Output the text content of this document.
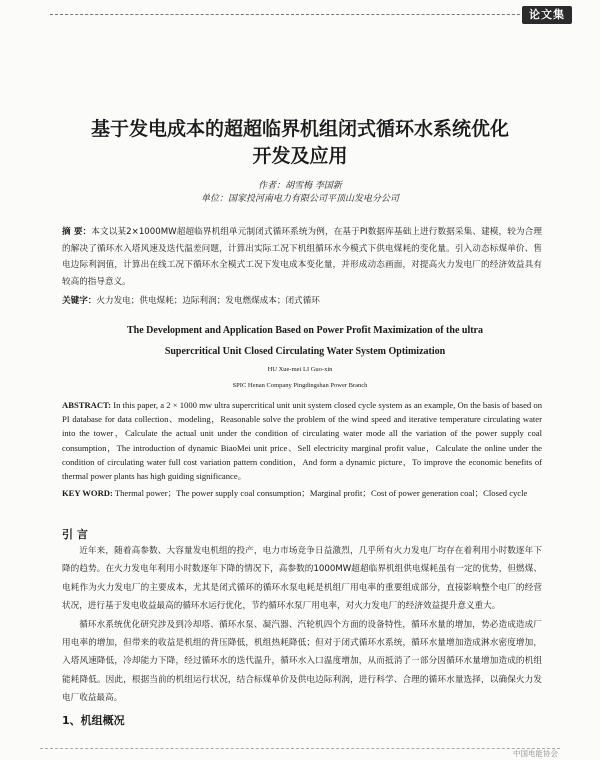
论文集
基于发电成本的超超临界机组闭式循环水系统优化
开发及应用
作者：胡雪梅 李国新
单位：国家投河南电力有限公司平顶山发电分公司
摘 要：本文以某2×1000MW超超临界机组单元制闭式循环系统为例，在基于PI数据库基础上进行数据采集、建模，较为合理的解决了循环水入塔风速及迭代温差问题，计算出实际工况下机组循环水今模式下供电煤耗的变化量。引入动态标煤单价、售电边际利润值，计算出在线工况下循环水全模式工况下发电成本变化量，并形成动态画面，对提高火力发电厂的经济效益具有较高的指导意义。
关键字：火力发电；供电煤耗；边际利润；发电燃煤成本；闭式循环
The Development and Application Based on Power Profit Maximization of the ultra
Supercritical Unit Closed Circulating Water System Optimization
HU Xue-mei LI Guo-xin
SPIC Henan Company Pingdingshan Power Branch
ABSTRACT: In this paper, a 2 × 1000 mw ultra supercritical unit unit system closed cycle system as an example, On the basis of based on PI database for data collection、modeling，Reasonable solve the problem of the wind speed and iterative temperature circulating water into the tower，Calculate the actual unit under the condition of circulating water mode all the variation of the power supply coal consumption，The introduction of dynamic BiaoMei unit price、Sell electricity marginal profit value，Calculate the online under the condition of circulating water full cost variation pattern condition，And form a dynamic picture，To improve the economic benefits of thermal power plants has high guiding significance。
KEY WORD: Thermal power；The power supply coal consumption；Marginal profit；Cost of power generation coal；Closed cycle
引 言

近年来，随着高参数、大容量发电机组的投产，电力市场竞争日益激烈，几乎所有火力发电厂均存在着利用小时数逐年下降的趋势。在火力发电年利用小时数逐年下降的情况下，高参数的1000MW超超临界机组供电煤耗虽有一定的优势，但燃煤、电耗作为火力发电厂的主要成本，尤其是闭式循环的循环水泵电耗是机组厂用电率的重要组成部分，直接影响整个电厂的经营状况，进行基于发电收益最高的循环水运行优化，节约循环水泵厂用电率，对火力发电厂的经济效益提升意义重大。

循环水系统优化研究涉及到冷却塔、循环水泵、凝汽器、汽轮机四个方面的设备特性，循环水量的增加，势必造成造成厂用电率的增加，但带来的收益是机组的背压降低，机组热耗降低；但对于闭式循环水系统，循环水量增加造成淋水密度增加，入塔风速降低，冷却能力下降，经过循环水的迭代温升，循环水入口温度增加，从而抵消了一部分因循环水量增加造成的机组能耗降低。因此，根据当前的机组运行状况，结合标煤单价及供电边际利润，进行科学、合理的循环水量选择，以确保火力发电厂收益最高。

1、机组概况
中国电能协会
